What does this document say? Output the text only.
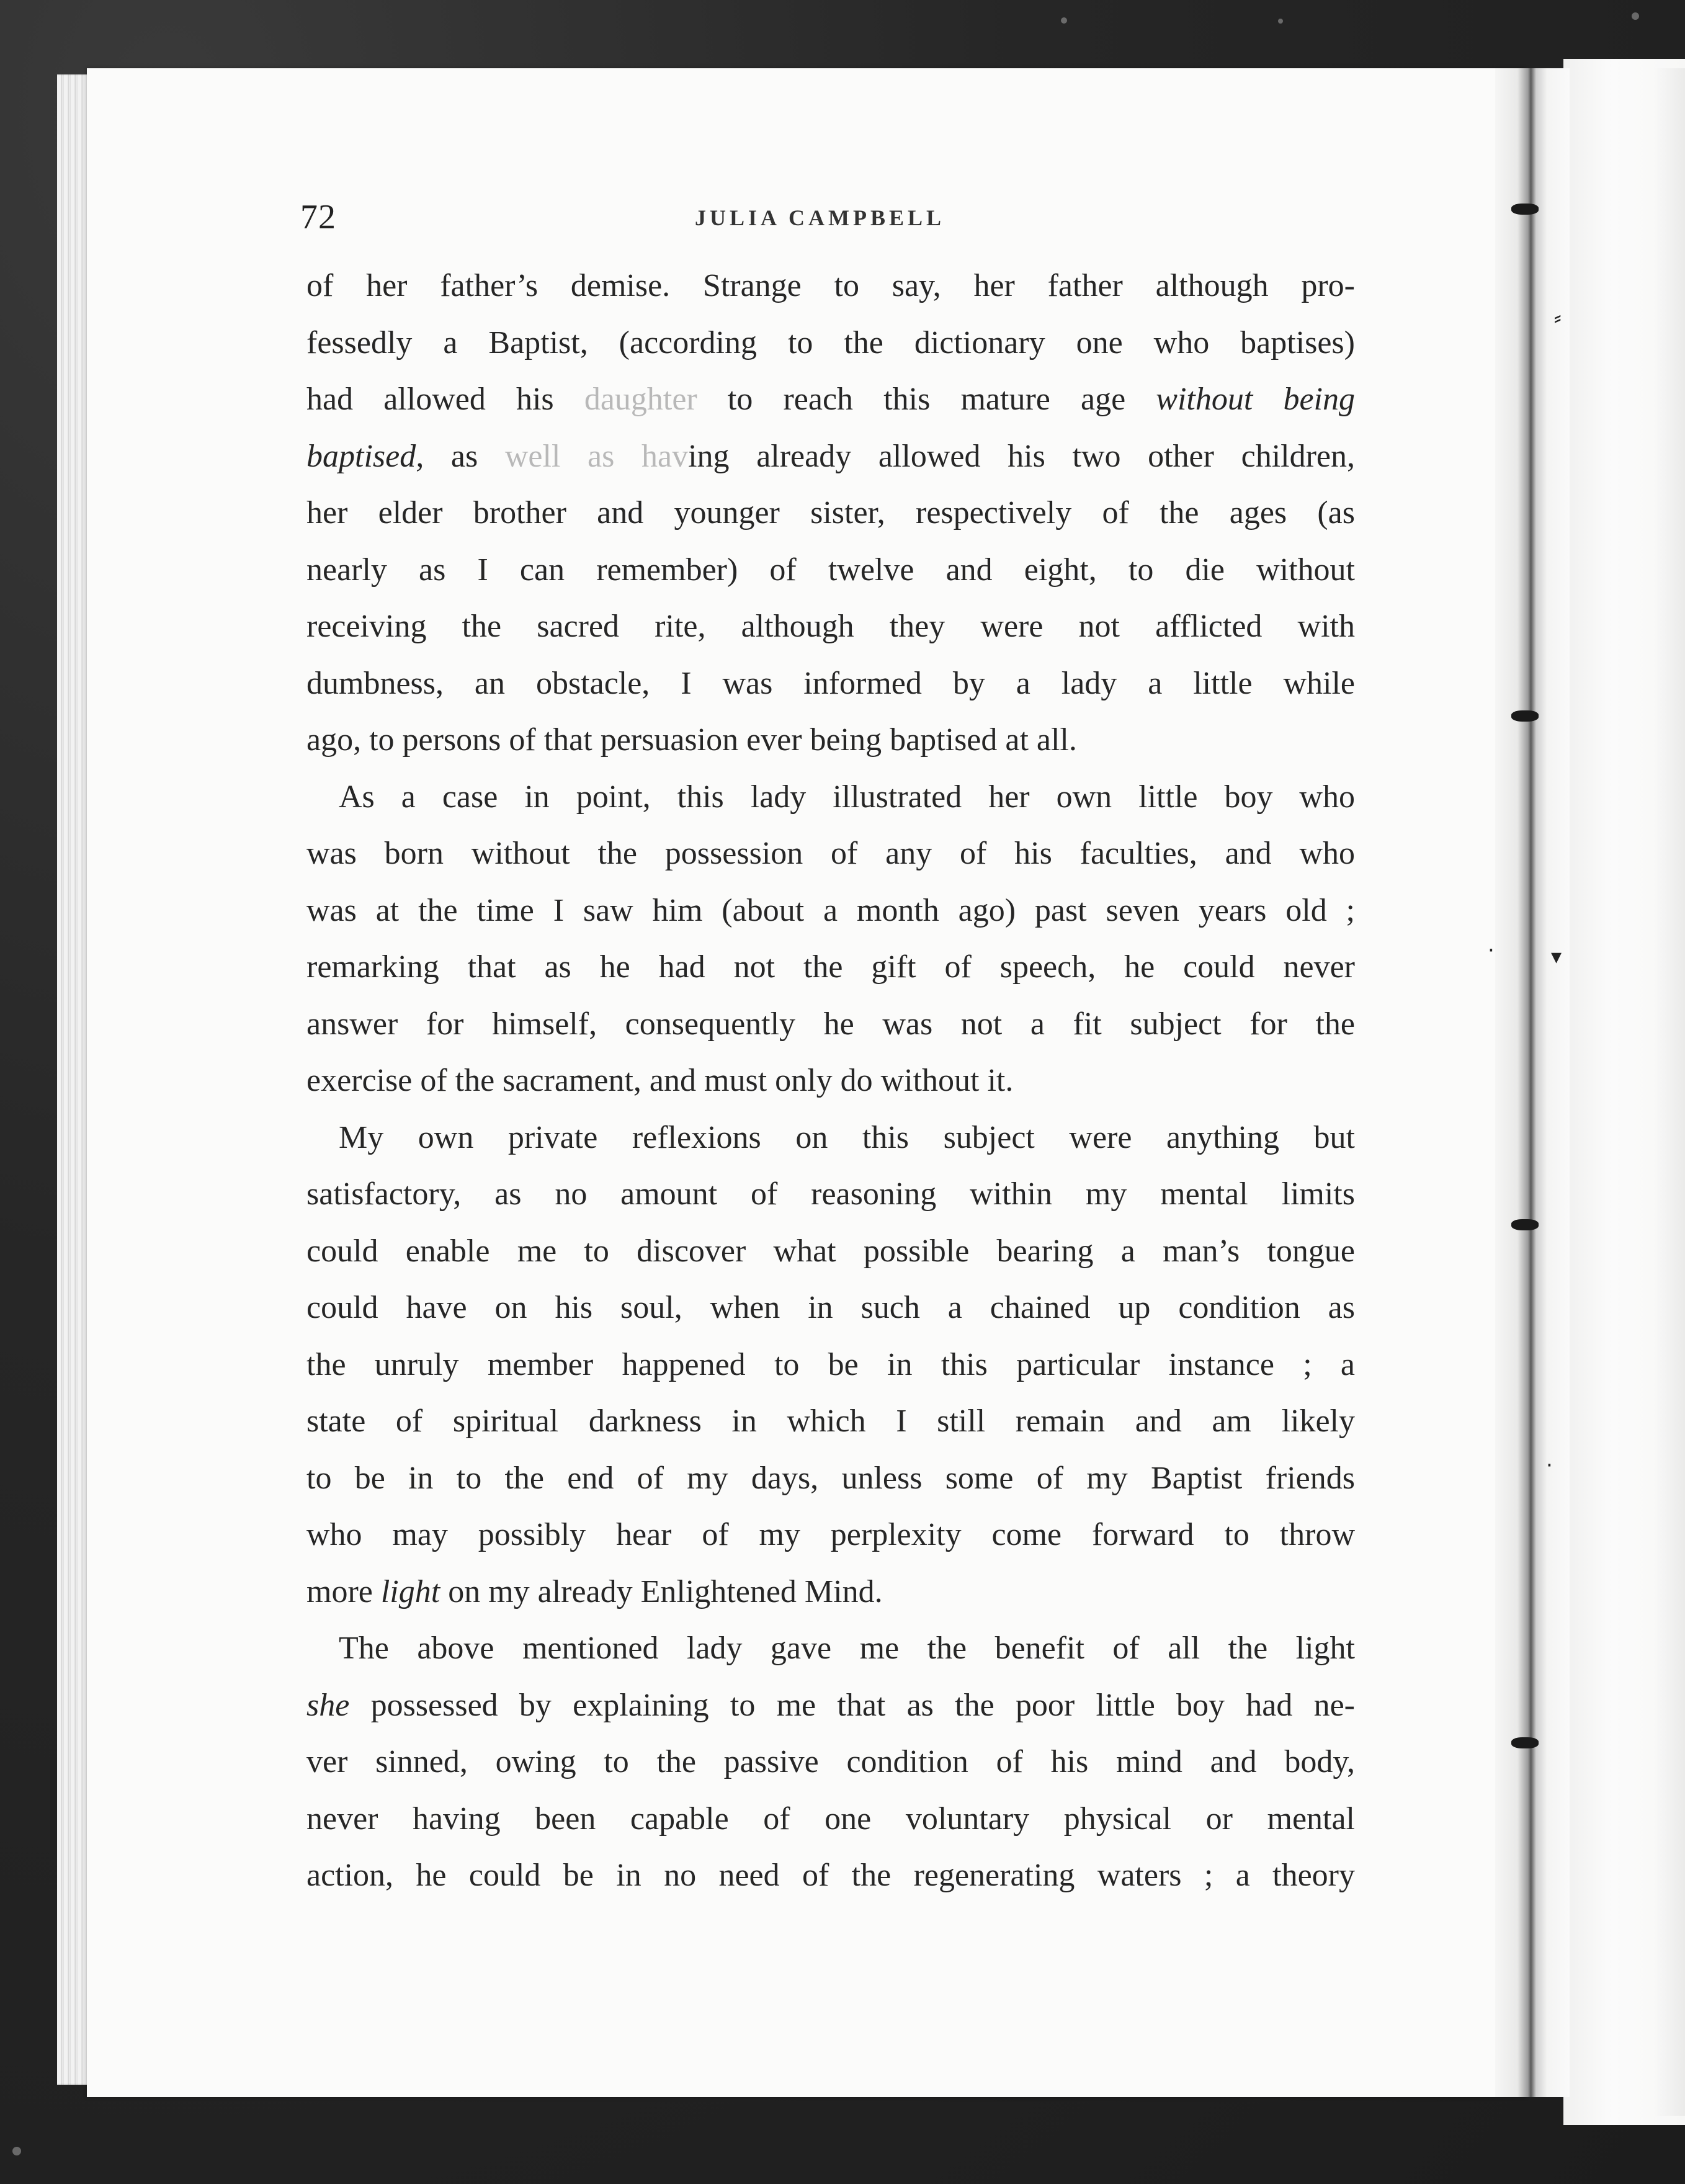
⸗
▾
·
·
72	JULIA CAMPBELL

of her father’s demise. Strange to say, her father although pro-
fessedly a Baptist, (according to the dictionary one who baptises)
had allowed his daughter to reach this mature age without being
baptised, as well as having already allowed his two other children,
her elder brother and younger sister, respectively of the ages (as
nearly as I can remember) of twelve and eight, to die without
receiving the sacred rite, although they were not afflicted with
dumbness, an obstacle, I was informed by a lady a little while
ago, to persons of that persuasion ever being baptised at all.

As a case in point, this lady illustrated her own little boy who
was born without the possession of any of his faculties, and who
was at the time I saw him (about a month ago) past seven years old ;
remarking that as he had not the gift of speech, he could never
answer for himself, consequently he was not a fit subject for the
exercise of the sacrament, and must only do without it.

My own private reflexions on this subject were anything but
satisfactory, as no amount of reasoning within my mental limits
could enable me to discover what possible bearing a man’s tongue
could have on his soul, when in such a chained up condition as
the unruly member happened to be in this particular instance ; a
state of spiritual darkness in which I still remain and am likely
to be in to the end of my days, unless some of my Baptist friends
who may possibly hear of my perplexity come forward to throw
more light on my already Enlightened Mind.

The above mentioned lady gave me the benefit of all the light
she possessed by explaining to me that as the poor little boy had ne-
ver sinned, owing to the passive condition of his mind and body,
never having been capable of one voluntary physical or mental
action, he could be in no need of the regenerating waters ; a theory
